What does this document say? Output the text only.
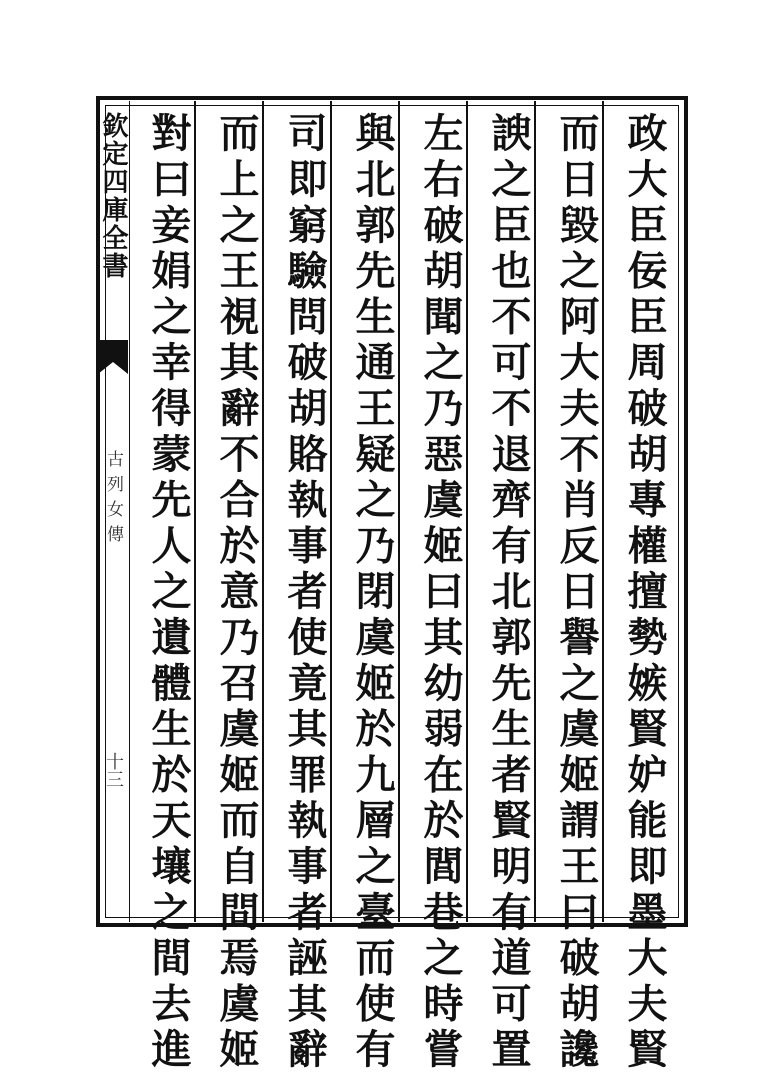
欽定四庫全書
古列女傳
十三	政大臣佞臣周破胡專權擅勢嫉賢妒能即墨大夫賢
而日毀之阿大夫不肖反日譽之虞姬謂王曰破胡讒
諛之臣也不可不退齊有北郭先生者賢明有道可置
左右破胡聞之乃惡虞姬曰其幼弱在於閭巷之時嘗
與北郭先生通王疑之乃閉虞姬於九層之臺而使有
司即窮驗問破胡賂執事者使竟其罪執事者誣其辭
而上之王視其辭不合於意乃召虞姬而自問焉虞姬
對曰妾娟之幸得蒙先人之遺體生於天壤之間去進
